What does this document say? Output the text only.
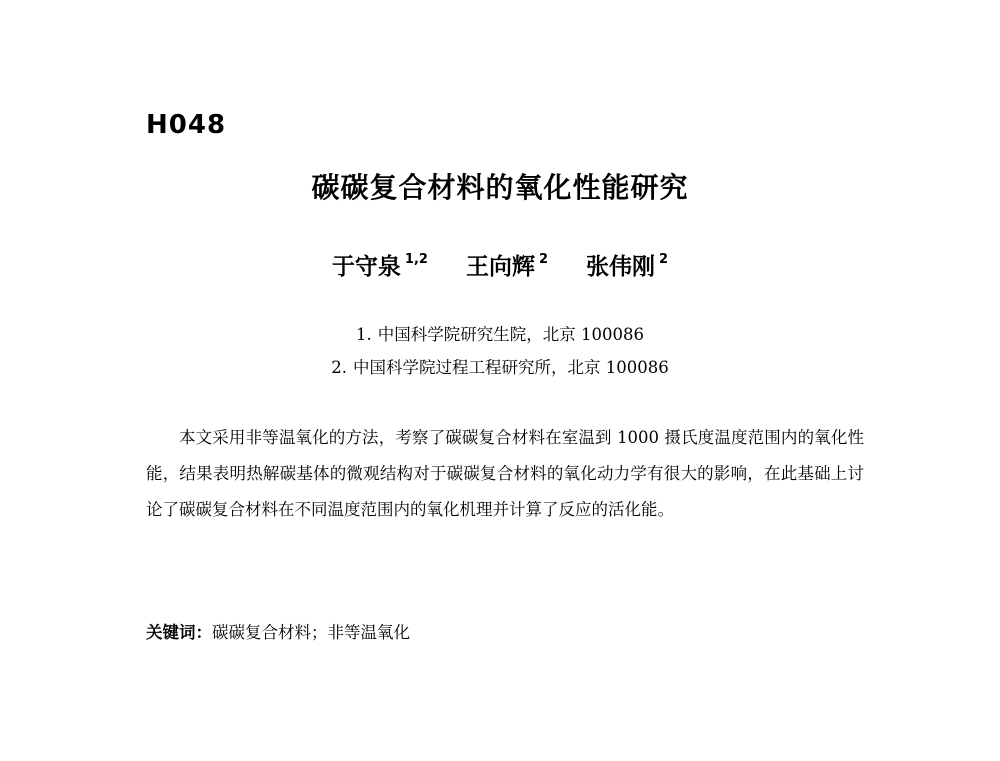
H048
碳碳复合材料的氧化性能研究
于守泉 $^{1,2}$ 王向辉 $^2$ 张伟刚 $^2$
1. 中国科学院研究生院，北京 100086
2. 中国科学院过程工程研究所，北京 100086

本文采用非等温氧化的方法，考察了碳碳复合材料在室温到 1000 摄氏度温度范围内的氧化性能，结果表明热解碳基体的微观结构对于碳碳复合材料的氧化动力学有很大的影响，在此基础上讨论了碳碳复合材料在不同温度范围内的氧化机理并计算了反应的活化能。

关键词：碳碳复合材料；非等温氧化
